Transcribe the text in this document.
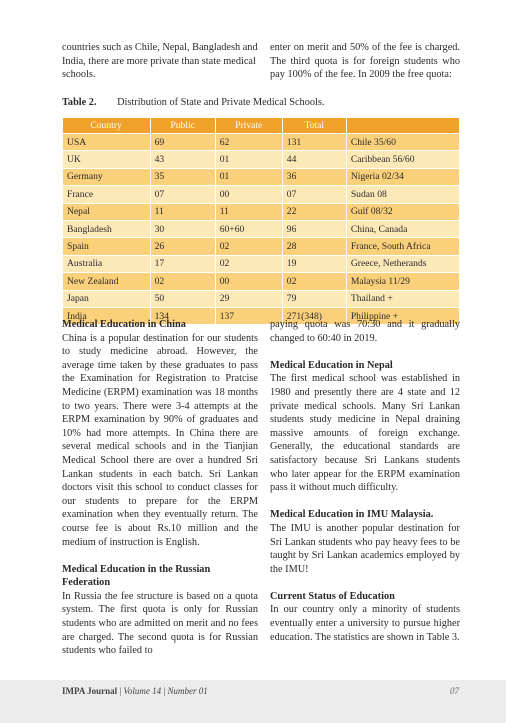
countries such as Chile, Nepal, Bangladesh and India, there are more private than state medical schools.

enter on merit and 50% of the fee is charged. The third quota is for foreign students who pay 100% of the fee. In 2009 the free quota:

Table 2. Distribution of State and Private Medical Schools.
Country	Public	Private	Total	
USA	69	62	131	Chile 35/60
UK	43	01	44	Caribbean 56/60
Germany	35	01	36	Nigeria 02/34
France	07	00	07	Sudan 08
Nepal	11	11	22	Gulf 08/32
Bangladesh	30	60+60	96	China, Canada
Spain	26	02	28	France, South Africa
Australia	17	02	19	Greece, Netherands
New Zealand	02	00	02	Malaysia 11/29
Japan	50	29	79	Thailand +
India	134	137	271(348)	Philippine +

Medical Education in China

China is a popular destination for our students to study medicine abroad. However, the average time taken by these graduates to pass the Examination for Registration to Pratcise Medicine (ERPM) examination was 18 months to two years. There were 3-4 attempts at the ERPM examination by 90% of graduates and 10% had more attempts. In China there are several medical schools and in the Tianjian Medical School there are over a hundred Sri Lankan students in each batch. Sri Lankan doctors visit this school to conduct classes for our students to prepare for the ERPM examination when they eventually return. The course fee is about Rs.10 million and the medium of instruction is English.

Medical Education in the Russian Federation

In Russia the fee structure is based on a quota system. The first quota is only for Russian students who are admitted on merit and no fees are charged. The second quota is for Russian students who failed to

paying quota was 70:30 and it gradually changed to 60:40 in 2019.

Medical Education in Nepal

The first medical school was established in 1980 and presently there are 4 state and 12 private medical schools. Many Sri Lankan students study medicine in Nepal draining massive amounts of foreign exchange. Generally, the educational standards are satisfactory because Sri Lankans students who later appear for the ERPM examination pass it without much difficulty.

Medical Education in IMU Malaysia.

The IMU is another popular destination for Sri Lankan students who pay heavy fees to be taught by Sri Lankan academics employed by the IMU!

Current Status of Education

In our country only a minority of students eventually enter a university to pursue higher education. The statistics are shown in Table 3.

IMPA Journal | Volume 14 | Number 01	07
